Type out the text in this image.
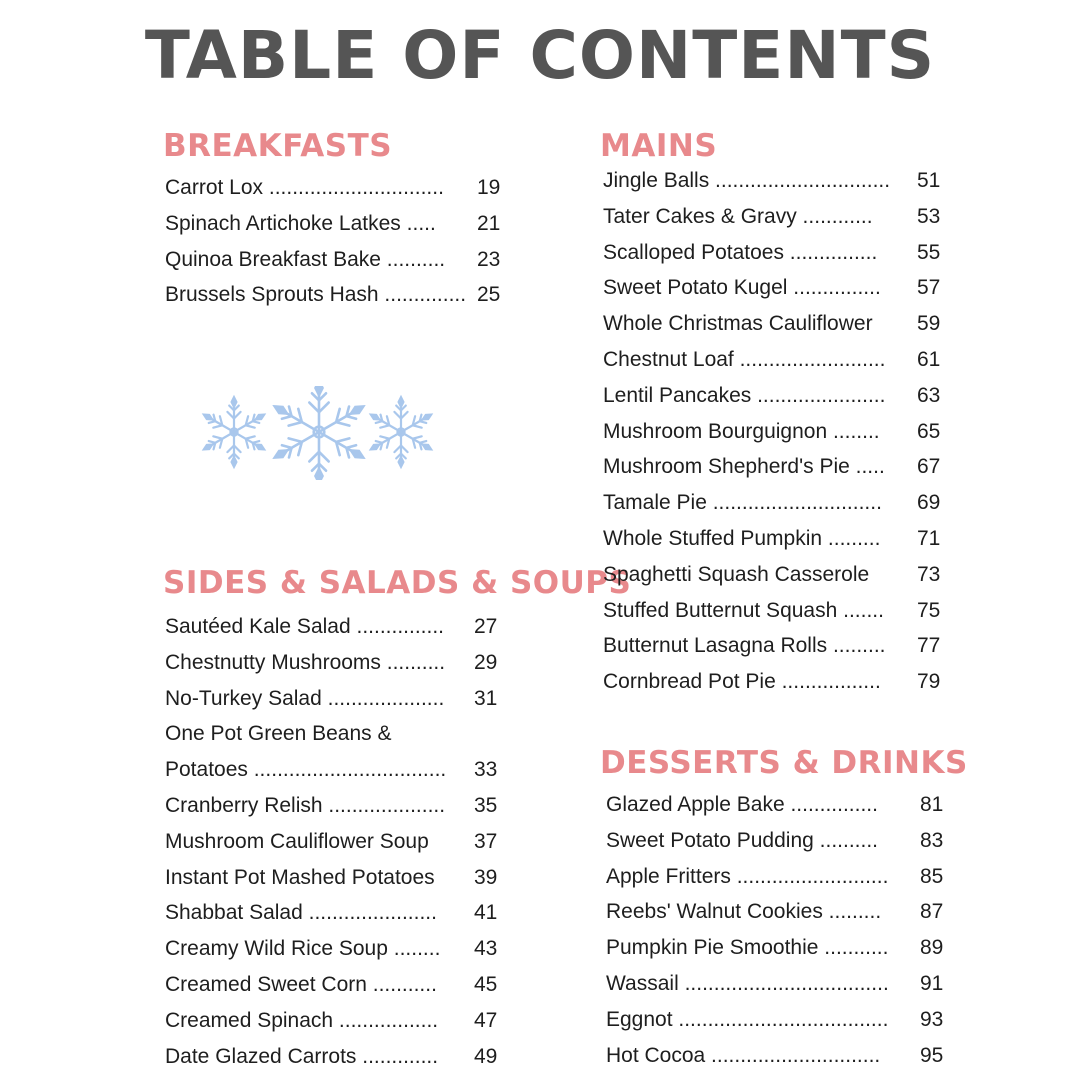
TABLE OF CONTENTS
BREAKFASTS
Carrot Lox .............................. 19
Spinach Artichoke Latkes ..... 21
Quinoa Breakfast Bake .......... 23
Brussels Sprouts Hash .............. 25
SIDES & SALADS & SOUPS
Sautéed Kale Salad ............... 27
Chestnutty Mushrooms .......... 29
No-Turkey Salad .................... 31
One Pot Green Beans &
Potatoes ................................. 33
Cranberry Relish .................... 35
Mushroom Cauliflower Soup 37
Instant Pot Mashed Potatoes 39
Shabbat Salad ...................... 41
Creamy Wild Rice Soup ........ 43
Creamed Sweet Corn ........... 45
Creamed Spinach ................. 47
Date Glazed Carrots ............. 49
MAINS
Jingle Balls .............................. 51
Tater Cakes & Gravy ............ 53
Scalloped Potatoes ............... 55
Sweet Potato Kugel ............... 57
Whole Christmas Cauliflower 59
Chestnut Loaf ......................... 61
Lentil Pancakes ...................... 63
Mushroom Bourguignon ........ 65
Mushroom Shepherd's Pie ..... 67
Tamale Pie ............................. 69
Whole Stuffed Pumpkin ......... 71
Spaghetti Squash Casserole 73
Stuffed Butternut Squash ....... 75
Butternut Lasagna Rolls ......... 77
Cornbread Pot Pie ................. 79
DESSERTS & DRINKS
Glazed Apple Bake ............... 81
Sweet Potato Pudding .......... 83
Apple Fritters .......................... 85
Reebs' Walnut Cookies ......... 87
Pumpkin Pie Smoothie ........... 89
Wassail ................................... 91
Eggnot .................................... 93
Hot Cocoa ............................. 95
